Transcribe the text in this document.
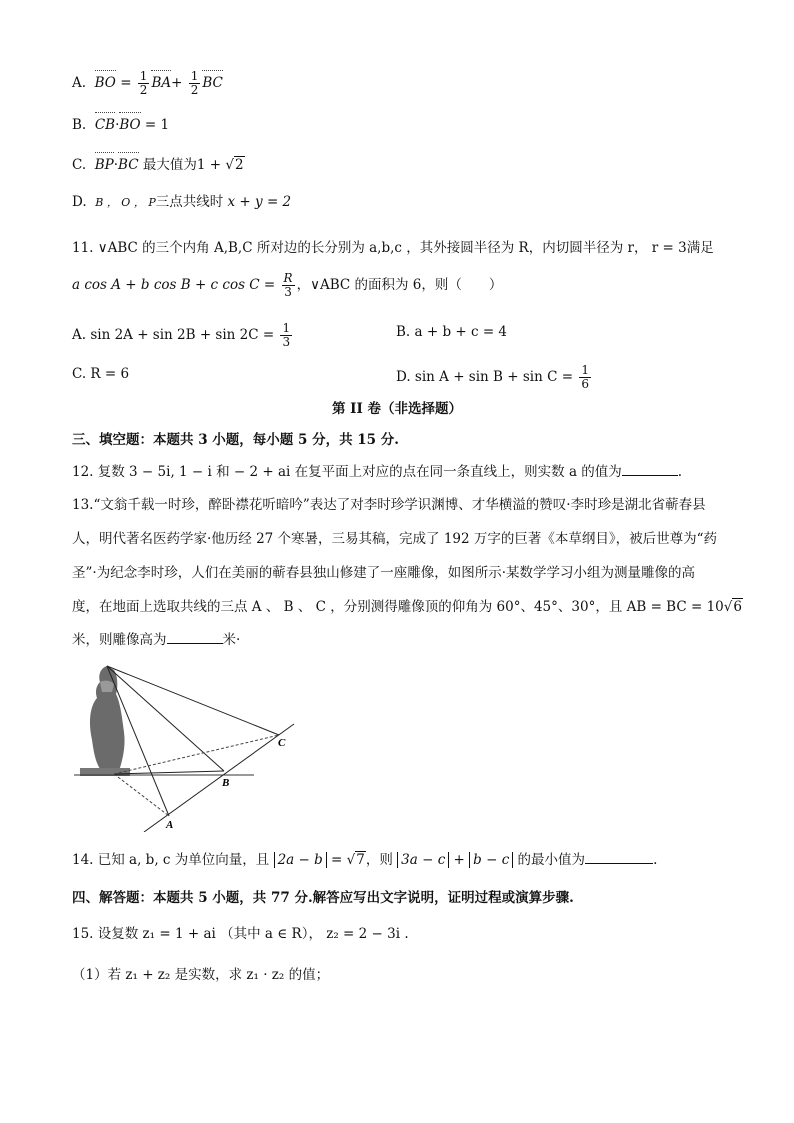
A. BO = $\frac{1}{2} BA+ \frac{1}{2}$ BC
B. CB·BO = 1
C. BP·BC 最大值为1 + √2
D. B ， O ， P三点共线时 x + y = 2
11. ∨ABC 的三个内角 A,B,C 所对边的长分别为 a,b,c ，其外接圆半径为 R，内切圆半径为 r， r = 3满足
a cos A + b cos B + c $\cos C = \frac{R}{3}$ ，∨ABC 的面积为 6，则（　　）
A. $\sin 2A + \sin 2B + \sin 2C = \frac{1}{3}$	B. a + b + c = 4
C. R = 6	D. $\sin A + \sin B + \sin C = \frac{1}{6}$
第 II 卷（非选择题）
三、填空题：本题共 3 小题，每小题 5 分，共 15 分.
12. 复数 3 − 5i, 1 − i 和 − 2 + ai 在复平面上对应的点在同一条直线上，则实数 a 的值为	.
13.“文翁千载一时珍，醉卧襟花听暗吟”表达了对李时珍学识渊博、才华横溢的赞叹·李时珍是湖北省蕲春县
人，明代著名医药学家·他历经 27 个寒暑，三易其稿，完成了 192 万字的巨著《本草纲目》，被后世尊为“药
圣”·为纪念李时珍，人们在美丽的蕲春县独山修建了一座雕像，如图所示·某数学学习小组为测量雕像的高
度，在地面上选取共线的三点 A 、 B 、 C ，分别测得雕像顶的仰角为 60°、45°、30°，且 AB = BC = 10√6
米，则雕像高为	米·
C
B
A
14. 已知 a, b, c 为单位向量，且 2a − b = √7，则 3a − c + b − c 的最小值为	.
四、解答题：本题共 5 小题，共 77 分.解答应写出文字说明，证明过程或演算步骤.
15. 设复数 z₁ = 1 + ai （其中 a ∈ R）， z₂ = 2 − 3i .
（1）若 z₁ + z₂ 是实数，求 z₁ · z₂ 的值；
